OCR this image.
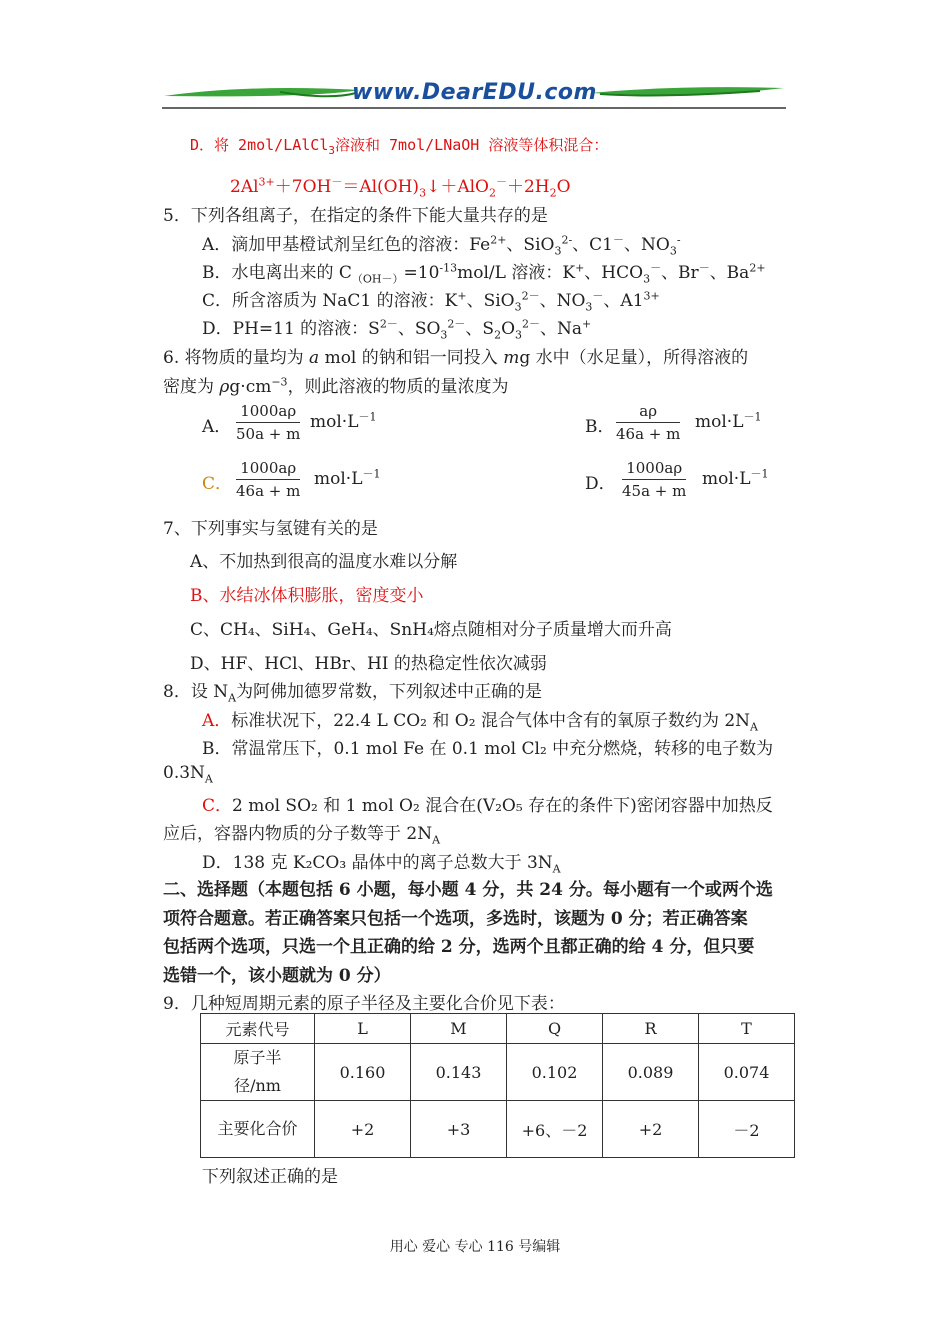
www.DearEDU.com
D．将 2mol/LAlCl$_3$溶液和 7mol/LNaOH 溶液等体积混合：
$2Al^{3+}+7OH^-=Al(OH)_3↓+AlO_2^-+2H_2O$
5．下列各组离子，在指定的条件下能大量共存的是
A．滴加甲基橙试剂呈红色的溶液：$Fe^{2+}$、SiO$_3^{2-}$、C1－、$NO_3^-$
B．水电离出来的 $C_{(OH-)}=10^{-13}mol/L$ 溶液：K+、$HCO_3^-$、Br－、$Ba^{2+}$
C．所含溶质为 NaC1 的溶液：K+、SiO$_3^{2-}$、$NO_3^-$、$A1^{3+}$
D．PH=11 的溶液：$S^{2-}$、$SO_3^{2-}$、$S_2O_3^{2-}$、Na+
6. 将物质的量均为 a mol 的钠和铝一同投入 mg 水中（水足量），所得溶液的
密度为 $\rho g\cdot cm^{-3}$，则此溶液的物质的量浓度为
A． $\frac{1000a\rho}{50a + m} mol\cdot L^{-1}$
B． $\frac{a\rho}{46a + m} mol\cdot L^{-1}$
C． $\frac{1000a\rho}{46a + m} mol\cdot L^{-1}$
D． $\frac{1000a\rho}{45a + m} mol\cdot L^{-1}$
7、下列事实与氢键有关的是
A、不加热到很高的温度水难以分解
B、水结冰体积膨胀，密度变小
C、CH₄、SiH₄、GeH₄、SnH₄熔点随相对分子质量增大而升高
D、HF、HCl、HBr、HI 的热稳定性依次减弱
8．设 $N_A$为阿佛加德罗常数，下列叙述中正确的是
A．标准状况下，22.4 L CO₂ 和 O₂ 混合气体中含有的氧原子数约为 $2N_A$
B．常温常压下，0.1 mol Fe 在 0.1 mol Cl₂ 中充分燃烧，转移的电子数为
$0.3N_A$
C．2 mol SO₂ 和 1 mol O₂ 混合在(V₂O₅ 存在的条件下)密闭容器中加热反
应后，容器内物质的分子数等于 $2N_A$
D．138 克 K₂CO₃ 晶体中的离子总数大于 $3N_A$
二、选择题（本题包括 6 小题，每小题 4 分，共 24 分。每小题有一个或两个选
项符合题意。若正确答案只包括一个选项，多选时，该题为 0 分；若正确答案
包括两个选项，只选一个且正确的给 2 分，选两个且都正确的给 4 分，但只要
选错一个，该小题就为 0 分）
9．几种短周期元素的原子半径及主要化合价见下表：
元素代号	L	M	Q	R	T
原子半径/nm	0.160	0.143	0.102	0.089	0.074
主要化合价	+2	+3	+6、－2	+2	－2
下列叙述正确的是
用心 爱心 专心 116 号编辑
